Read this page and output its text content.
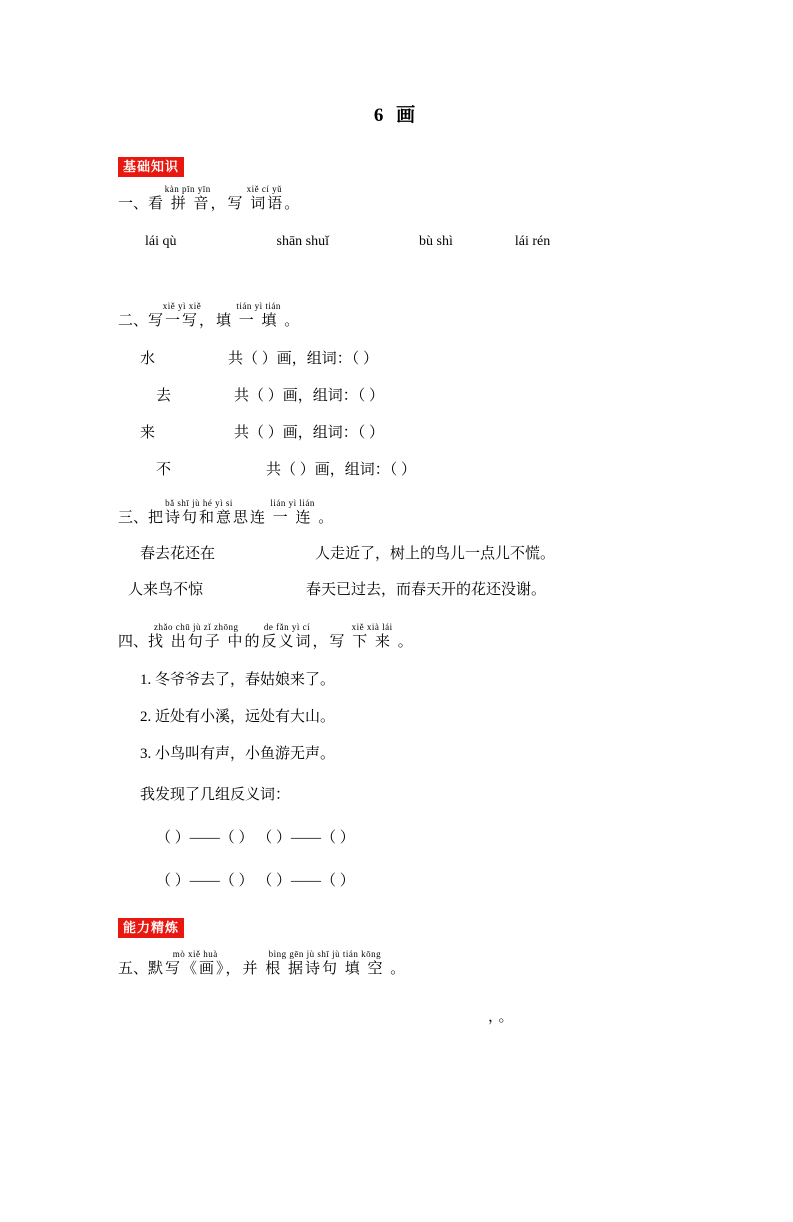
6 画
基础知识
一、
kàn pīn yīn
看 拼 音，
xiě cí yǔ
写 词语。
lái qù	shān shuǐ	bù shì	lái rén
二、
xiě yì xiě
写一写，
tián yì tián
填 一 填 。
水	共（ ）画，组词：（ ）
去	共（ ）画，组词：（ ）
来	共（ ）画，组词：（ ）
不	共（ ）画，组词：（ ）
三、
bǎ shī jù hé yì si
把诗句和意思
lián yì lián
连 一 连 。
春去花还在	人走近了，树上的鸟儿一点儿不慌。
人来鸟不惊	春天已过去，而春天开的花还没谢。
四、
zhǎo chū jù zǐ zhōng
找 出句子 中
de fǎn yì cí
的反义词，
xiě xià lái
写 下 来 。
1. 冬爷爷去了，春姑娘来了。
2. 近处有小溪，远处有大山。
3. 小鸟叫有声，小鱼游无声。
我发现了几组反义词：
（ ）——（ ） （ ）——（ ）
（ ）——（ ） （ ）——（ ）
能力精炼
五、
mò xiě huà
默写《画》，
bìng gēn jù shī jù tián kōng
并 根 据诗句 填 空 。
，。
